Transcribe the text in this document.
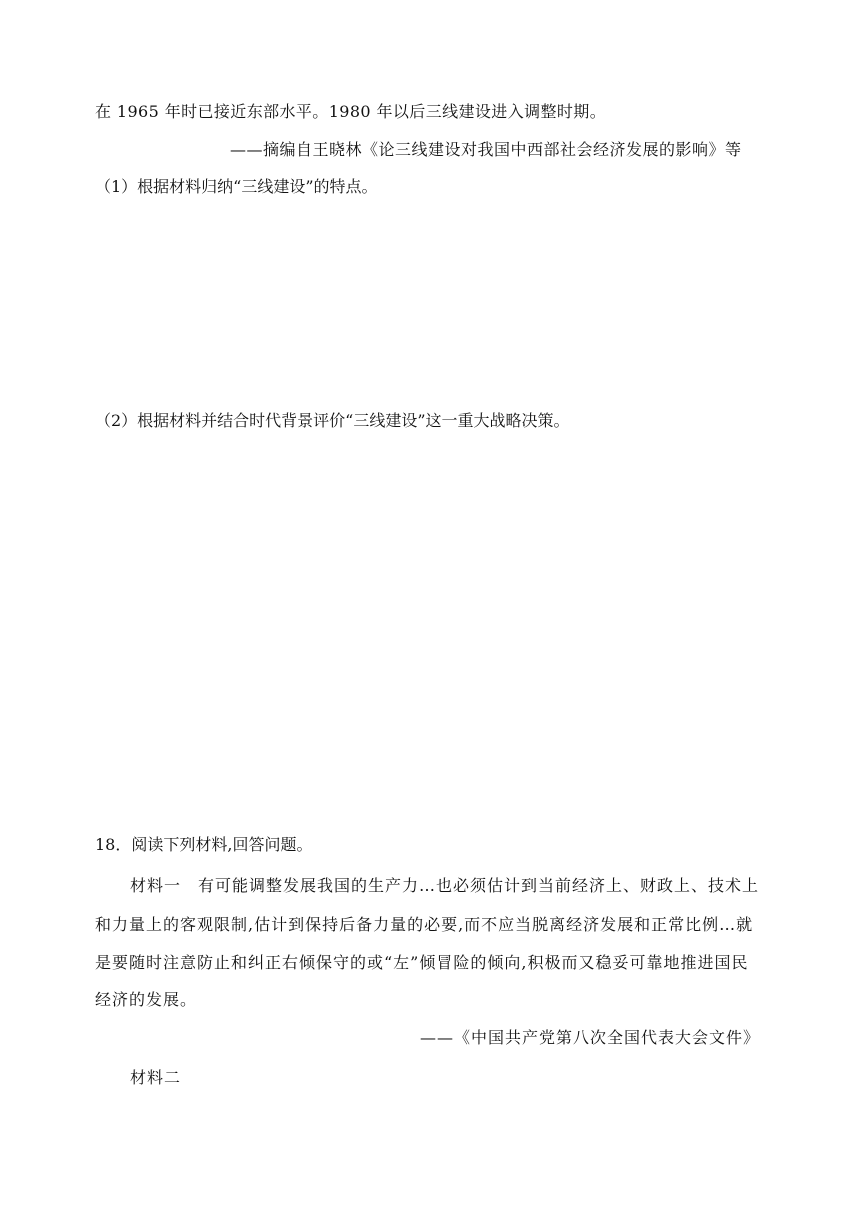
在 1965 年时已接近东部水平。1980 年以后三线建设进入调整时期。
——摘编自王晓林《论三线建设对我国中西部社会经济发展的影响》等
（1）根据材料归纳“三线建设”的特点。
（2）根据材料并结合时代背景评价“三线建设”这一重大战略决策。
18．阅读下列材料,回答问题。
材料一　有可能调整发展我国的生产力…也必须估计到当前经济上、财政上、技术上
和力量上的客观限制,估计到保持后备力量的必要,而不应当脱离经济发展和正常比例…就
是要随时注意防止和纠正右倾保守的或“左”倾冒险的倾向,积极而又稳妥可靠地推进国民
经济的发展。
——《中国共产党第八次全国代表大会文件》
材料二
